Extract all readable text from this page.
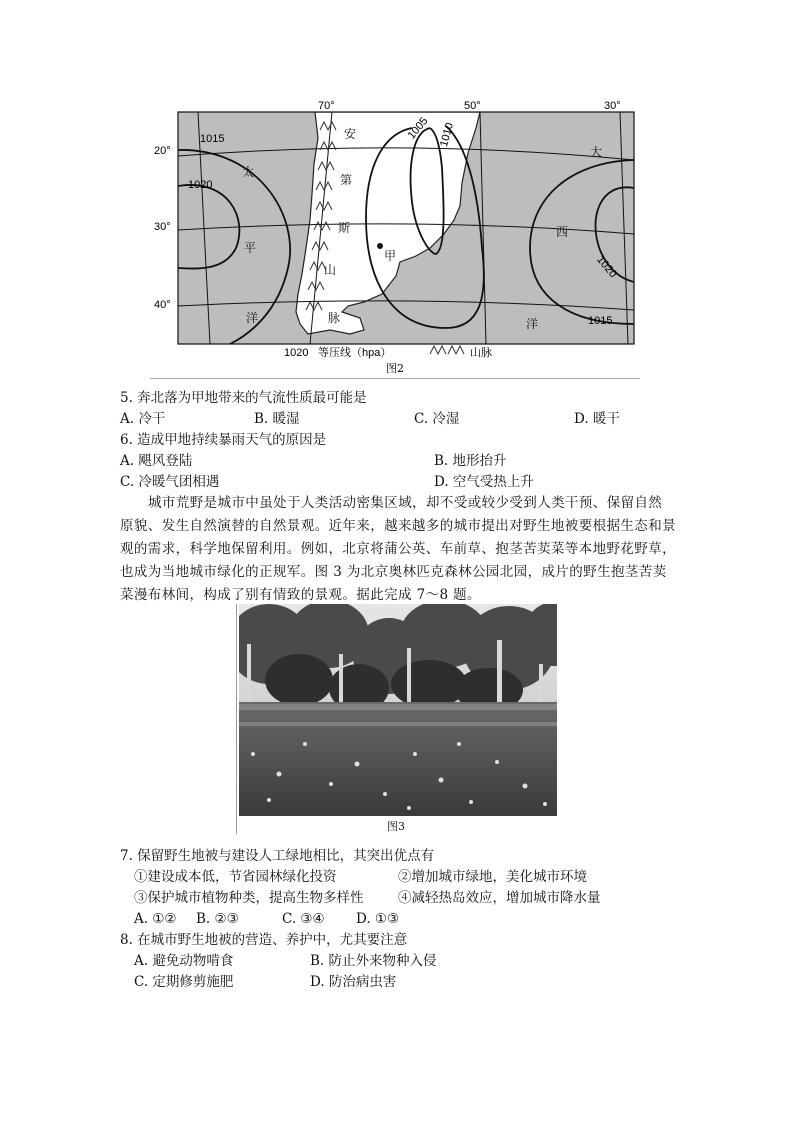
70°	50°	30°
20°
30°
40°
1015
1020
1005 1010
1020
1015
太
平
洋
安
第
斯
山
脉
大
西
洋
甲
1020 等压线（hpa）	山脉
图2
5. 奔北落为甲地带来的气流性质最可能是
A. 冷干	B. 暖湿	C. 冷湿	D. 暖干
6. 造成甲地持续暴雨天气的原因是
A. 飓风登陆	B. 地形抬升
C. 冷暖气团相遇	D. 空气受热上升
城市荒野是城市中虽处于人类活动密集区域，却不受或较少受到人类干预、保留自然原貌、发生自然演替的自然景观。近年来，越来越多的城市提出对野生地被要根据生态和景观的需求，科学地保留利用。例如，北京将蒲公英、车前草、抱茎苦荬菜等本地野花野草，也成为当地城市绿化的正规军。图 3 为北京奥林匹克森林公园北园，成片的野生抱茎苦荬菜漫布林间，构成了别有情致的景观。据此完成 7～8 题。
图3
7. 保留野生地被与建设人工绿地相比，其突出优点有
①建设成本低，节省园林绿化投资	②增加城市绿地，美化城市环境
③保护城市植物种类，提高生物多样性	④减轻热岛效应，增加城市降水量
A. ①② B. ②③	C. ③④ D. ①③
8. 在城市野生地被的营造、养护中，尤其要注意
A. 避免动物啃食	B. 防止外来物种入侵
C. 定期修剪施肥	D. 防治病虫害
